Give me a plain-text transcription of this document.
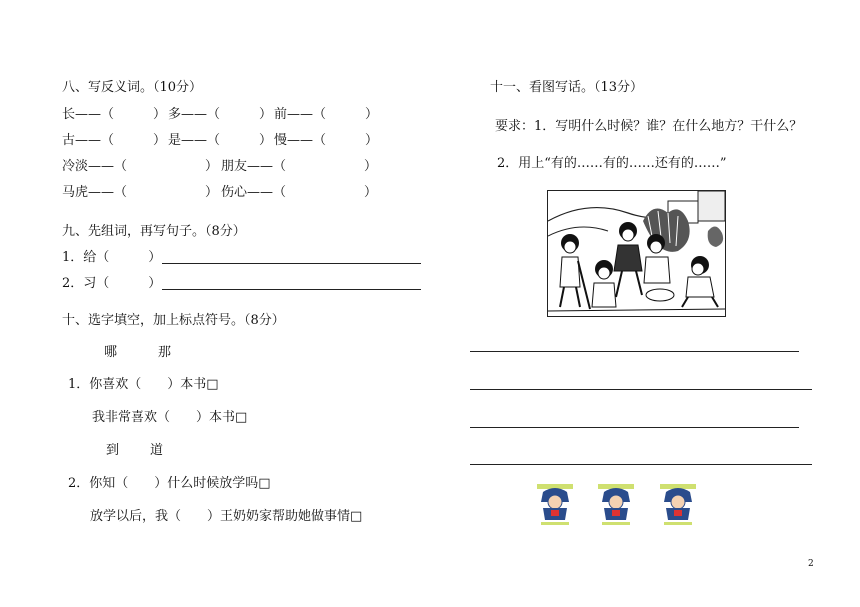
八、写反义词。（10分）
长——（　　　） 多——（　　　） 前——（　　　）
古——（　　　） 是——（　　　） 慢——（　　　）
冷淡——（　　　　　　） 朋友——（　　　　　　）
马虎——（　　　　　　） 伤心——（　　　　　　）
九、先组词，再写句子。（8分）
1．给（　　　）
2．习（　　　）
十、选字填空，加上标点符号。（8分）
哪	那
1．你喜欢（　　）本书□
我非常喜欢（　　）本书□
到 道
2．你知（　　）什么时候放学吗□
放学以后，我（　　）王奶奶家帮助她做事情□
十一、看图写话。（13分）
要求：1．写明什么时候？谁？在什么地方？干什么？
2．用上“有的……有的……还有的……”
2
